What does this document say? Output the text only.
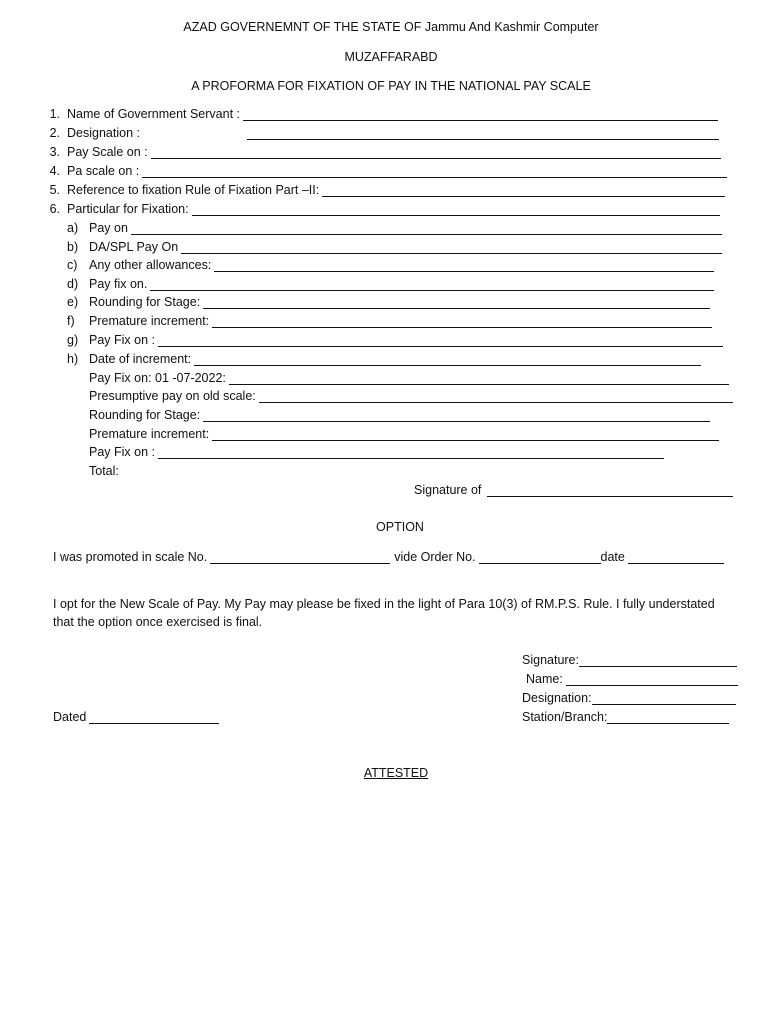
AZAD GOVERNEMNT OF THE STATE OF Jammu And Kashmir Computer
MUZAFFARABD
A PROFORMA FOR FIXATION OF PAY IN THE NATIONAL PAY SCALE
1. Name of Government Servant :
2. Designation :
3. Pay Scale on :
4. Pa scale on :
5. Reference to fixation Rule of Fixation Part –II:
6. Particular for Fixation:
a) Pay on
b) DA/SPL Pay On
c) Any other allowances:
d) Pay fix on.
e) Rounding for Stage:
f)	Premature increment:
g) Pay Fix on :
h) Date of increment:
Pay Fix on: 01 -07-2022:
Presumptive pay on old scale:
Rounding for Stage:
Premature increment:
Pay Fix on :
Total:
Signature of
OPTION
I was promoted in scale No.	vide Order No.	date
I opt for the New Scale of Pay. My Pay may please be fixed in the light of Para 10(3) of RM.P.S. Rule. I fully understated
that the option once exercised is final.
Signature:
Name:
Designation:
Dated	Station/Branch:
ATTESTED
